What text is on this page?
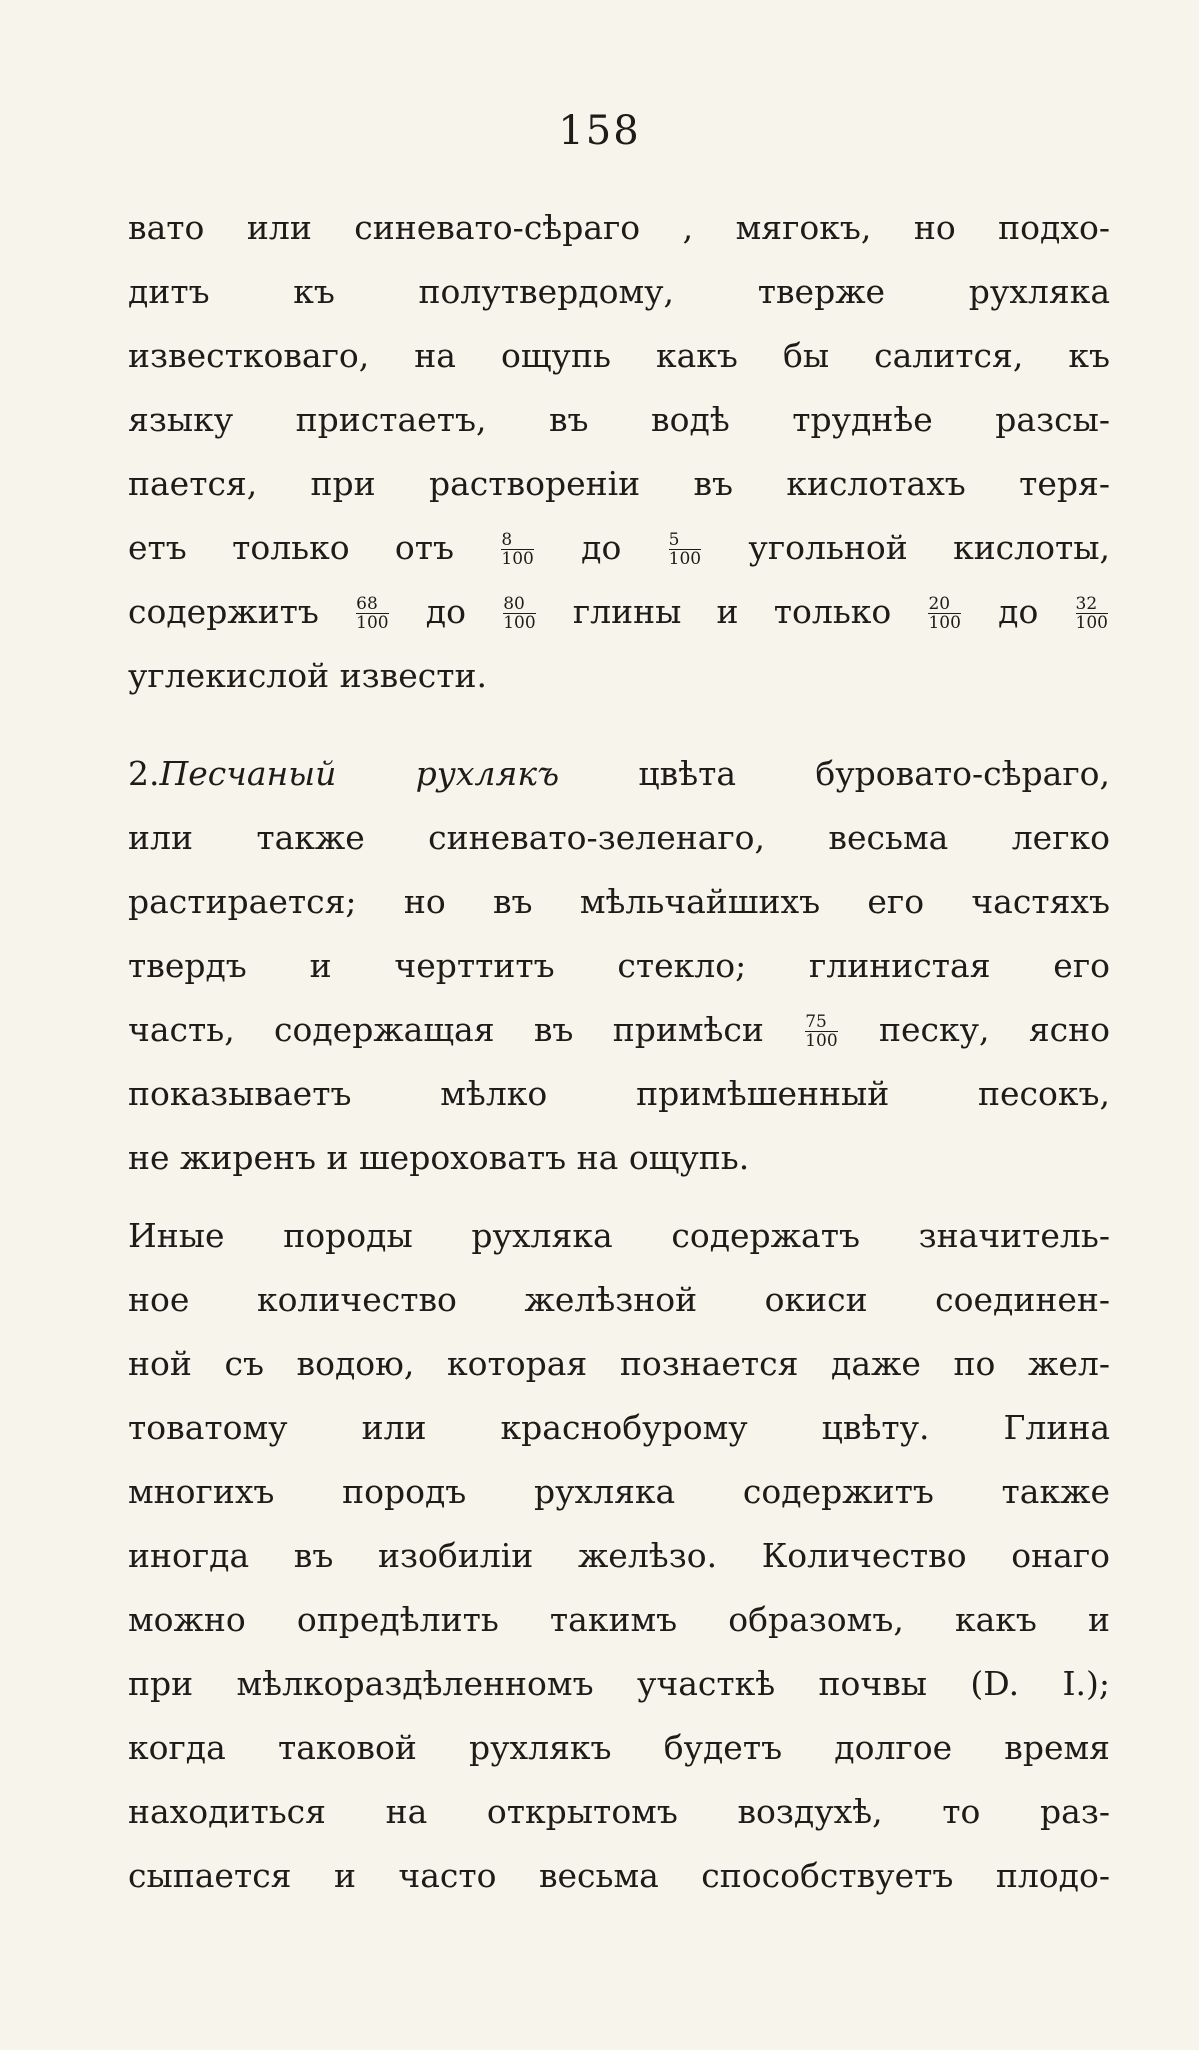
158
вато или синевато-сѣраго , мягокъ, но подхо-
дитъ къ полутвердому, тверже рухляка
известковаго, на ощупь какъ бы салится, къ
языку пристаетъ, въ водѣ труднѣе разсы-
пается, при растворенiи въ кислотахъ теря-
етъ только отъ	$\frac{8}{100}$ до	$\frac{5}{100}$ угольной кислоты,
содержитъ $\frac{68}{100}$ до $\frac{80}{100}$ глины и только $\frac{20}{100}$ до $\frac{32}{100}$
углекислой извести.
2.Песчаный рухлякъ цвѣта буровато-сѣраго,
или также синевато-зеленаго, весьма легко
растирается; но въ мѣльчайшихъ его частяхъ
твердъ и черттитъ стекло; глинистая его
часть, содержащая въ примѣси $\frac{75}{100}$ песку, ясно
показываетъ мѣлко примѣшенный песокъ,
не жиренъ и шероховатъ на ощупь.
Иные породы рухляка содержатъ значитель-
ное количество желѣзной окиси соединен-
ной съ водою, которая познается даже по жел-
товатому или краснобурому цвѣту. Глина
многихъ породъ рухляка содержитъ также
иногда въ изобилiи желѣзо. Количество онаго
можно опредѣлить такимъ образомъ, какъ и
при мѣлкораздѣленномъ участкѣ почвы (D. I.);
когда таковой рухлякъ будетъ долгое время
находиться на открытомъ воздухѣ, то раз-
сыпается и часто весьма способствуетъ плодо-
